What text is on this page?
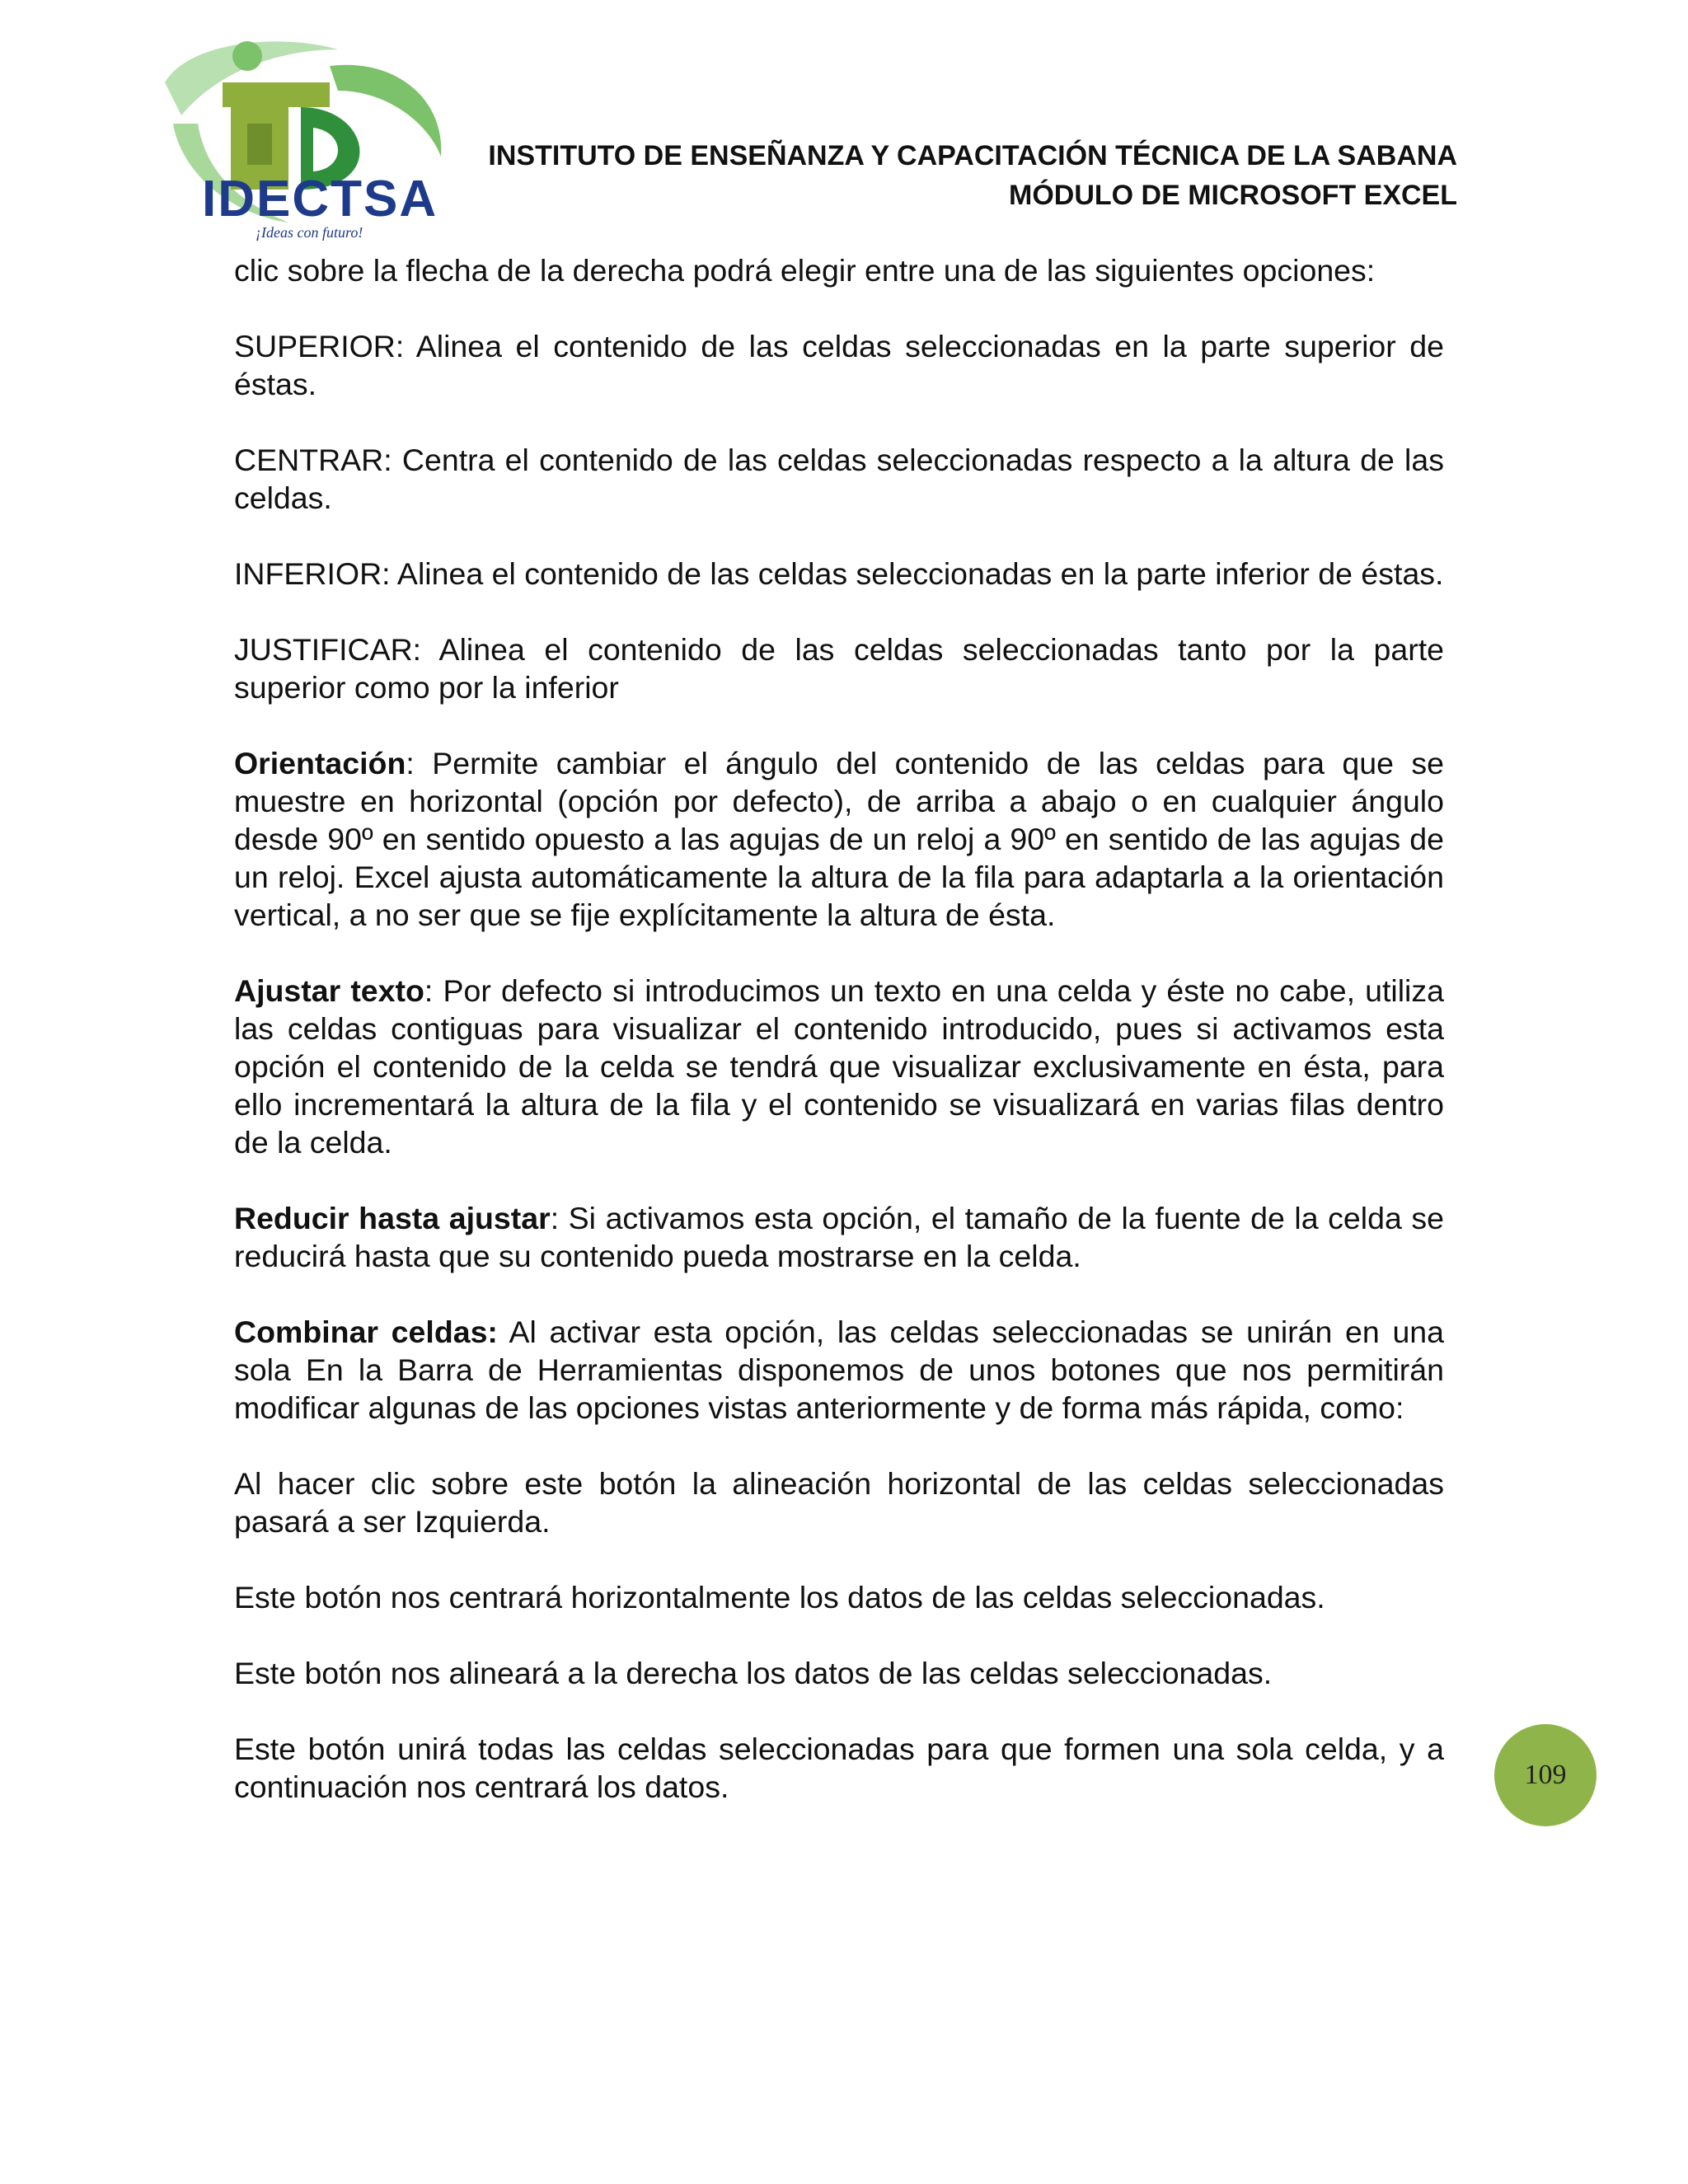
IDECTSA
¡Ideas con futuro!
INSTITUTO DE ENSEÑANZA Y CAPACITACIÓN TÉCNICA DE LA SABANA
MÓDULO DE MICROSOFT EXCEL

clic sobre la flecha de la derecha podrá elegir entre una de las siguientes opciones:

SUPERIOR: Alinea el contenido de las celdas seleccionadas en la parte superior de éstas.

CENTRAR: Centra el contenido de las celdas seleccionadas respecto a la altura de las celdas.

INFERIOR: Alinea el contenido de las celdas seleccionadas en la parte inferior de éstas.

JUSTIFICAR: Alinea el contenido de las celdas seleccionadas tanto por la parte superior como por la inferior

Orientación: Permite cambiar el ángulo del contenido de las celdas para que se muestre en horizontal (opción por defecto), de arriba a abajo o en cualquier ángulo desde 90º en sentido opuesto a las agujas de un reloj a 90º en sentido de las agujas de un reloj. Excel ajusta automáticamente la altura de la fila para adaptarla a la orientación vertical, a no ser que se fije explícitamente la altura de ésta.

Ajustar texto: Por defecto si introducimos un texto en una celda y éste no cabe, utiliza las celdas contiguas para visualizar el contenido introducido, pues si activamos esta opción el contenido de la celda se tendrá que visualizar exclusivamente en ésta, para ello incrementará la altura de la fila y el contenido se visualizará en varias filas dentro de la celda.

Reducir hasta ajustar: Si activamos esta opción, el tamaño de la fuente de la celda se reducirá hasta que su contenido pueda mostrarse en la celda.

Combinar celdas: Al activar esta opción, las celdas seleccionadas se unirán en una sola En la Barra de Herramientas disponemos de unos botones que nos permitirán modificar algunas de las opciones vistas anteriormente y de forma más rápida, como:

Al hacer clic sobre este botón la alineación horizontal de las celdas seleccionadas pasará a ser Izquierda.

Este botón nos centrará horizontalmente los datos de las celdas seleccionadas.

Este botón nos alineará a la derecha los datos de las celdas seleccionadas.

Este botón unirá todas las celdas seleccionadas para que formen una sola celda, y a continuación nos centrará los datos.	109
